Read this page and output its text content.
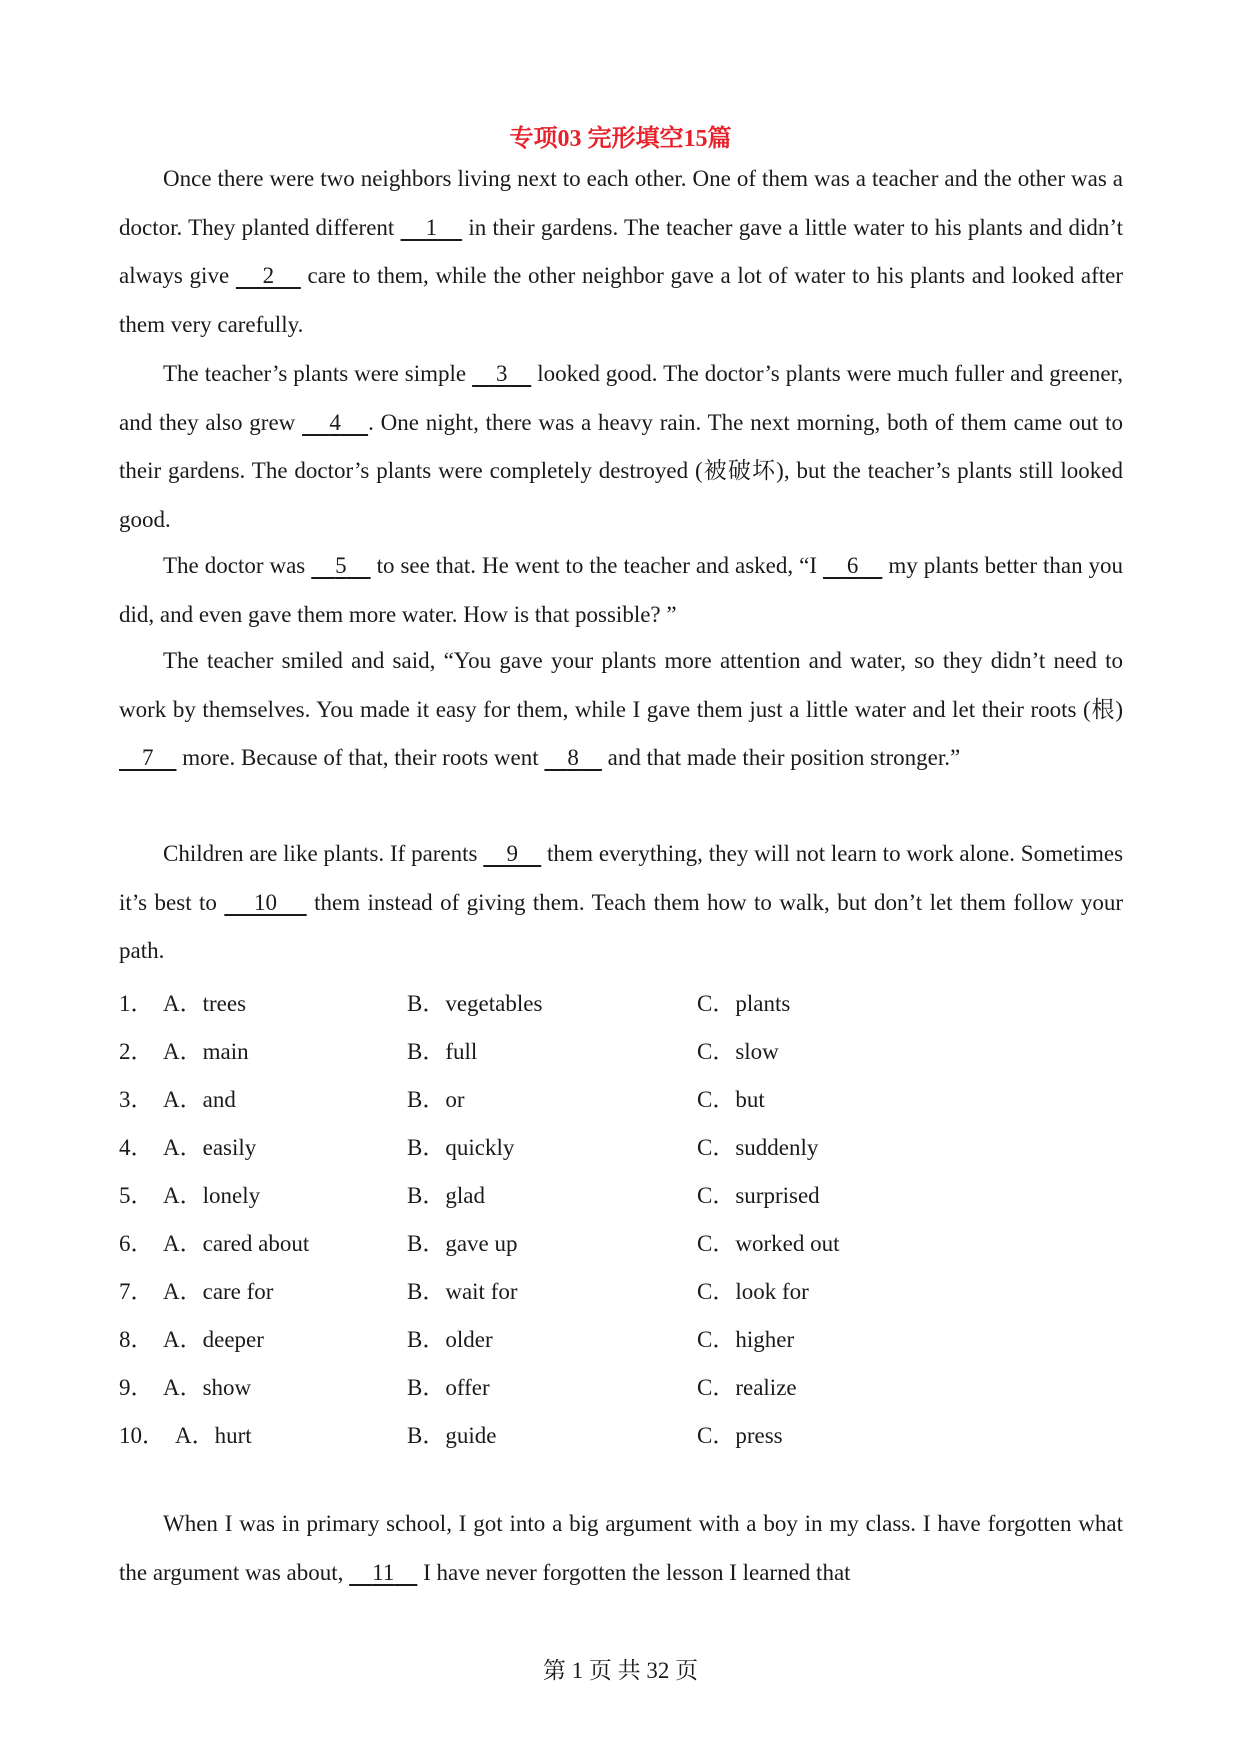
专项03 完形填空15篇

Once there were two neighbors living next to each other. One of them was a teacher and the other was a doctor. They planted different     1     in their gardens. The teacher gave a little water to his plants and didn’t always give     2     care to them, while the other neighbor gave a lot of water to his plants and looked after them very carefully.

The teacher’s plants were simple     3     looked good. The doctor’s plants were much fuller and greener, and they also grew     4 . One night, there was a heavy rain. The next morning, both of them came out to their gardens. The doctor’s plants were completely destroyed (被破坏), but the teacher’s plants still looked good.

The doctor was     5     to see that. He went to the teacher and asked, “I     6     my plants better than you did, and even gave them more water. How is that possible? ”

The teacher smiled and said, “You gave your plants more attention and water, so they didn’t need to work by themselves. You made it easy for them, while I gave them just a little water and let their roots (根)     7     more. Because of that, their roots went     8     and that made their position stronger.”

Children are like plants. If parents     9     them everything, they will not learn to work alone. Sometimes it’s best to     10     them instead of giving them. Teach them how to walk, but don’t let them follow your path.

1． A．trees	B．vegetables	C．plants
2． A．main	B．full	C．slow
3． A．and	B．or	C．but
4． A．easily	B．quickly	C．suddenly
5． A．lonely	B．glad	C．surprised
6． A．cared about	B．gave up	C．worked out
7． A．care for	B．wait for	C．look for
8． A．deeper	B．older	C．higher
9． A．show	B．offer	C．realize
10． A．hurt	B．guide	C．press

When I was in primary school, I got into a big argument with a boy in my class. I have forgotten what the argument was about,     11     I have never forgotten the lesson I learned that

第 1 页 共 32 页
